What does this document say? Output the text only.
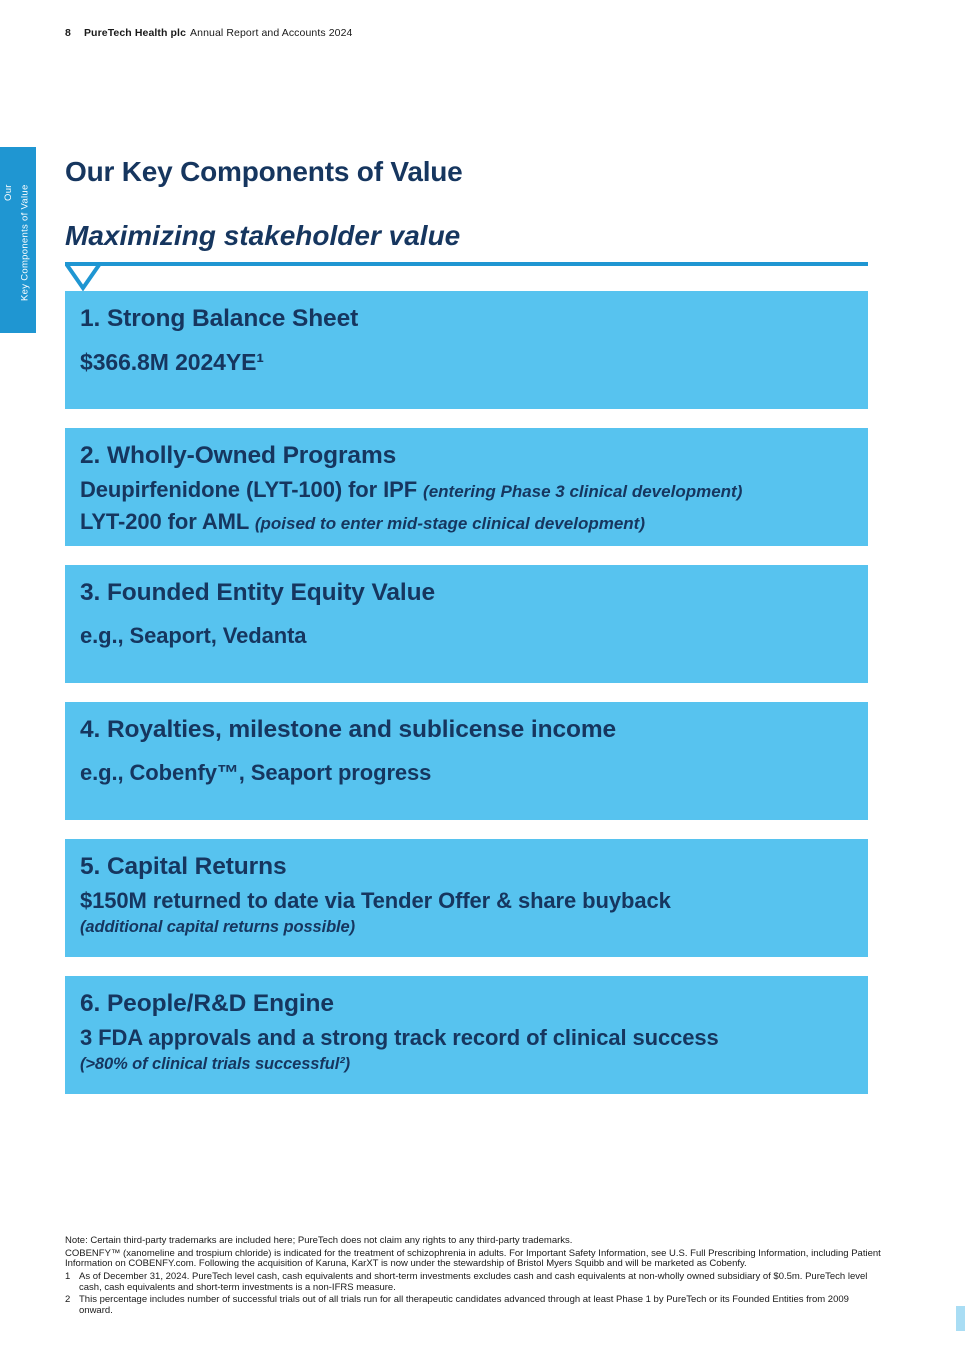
8 PureTech Health plc Annual Report and Accounts 2024
Our Key Components of Value
Our Key Components of Value
Maximizing stakeholder value
1. Strong Balance Sheet

$366.8M 2024YE¹

2. Wholly-Owned Programs

Deupirfenidone (LYT-100) for IPF (entering Phase 3 clinical development)

LYT-200 for AML (poised to enter mid-stage clinical development)

3. Founded Entity Equity Value

e.g., Seaport, Vedanta

4. Royalties, milestone and sublicense income

e.g., Cobenfy™, Seaport progress

5. Capital Returns

$150M returned to date via Tender Offer & share buyback

(additional capital returns possible)

6. People/R&D Engine

3 FDA approvals and a strong track record of clinical success

(>80% of clinical trials successful²)

Note: Certain third-party trademarks are included here; PureTech does not claim any rights to any third-party trademarks.

COBENFY™ (xanomeline and trospium chloride) is indicated for the treatment of schizophrenia in adults. For Important Safety Information, see U.S. Full Prescribing Information, including Patient Information on COBENFY.com. Following the acquisition of Karuna, KarXT is now under the stewardship of Bristol Myers Squibb and will be marketed as Cobenfy.

1 As of December 31, 2024. PureTech level cash, cash equivalents and short-term investments excludes cash and cash equivalents at non-wholly owned subsidiary of $0.5m. PureTech level cash, cash equivalents and short-term investments is a non-IFRS measure.
2 This percentage includes number of successful trials out of all trials run for all therapeutic candidates advanced through at least Phase 1 by PureTech or its Founded Entities from 2009 onward.
